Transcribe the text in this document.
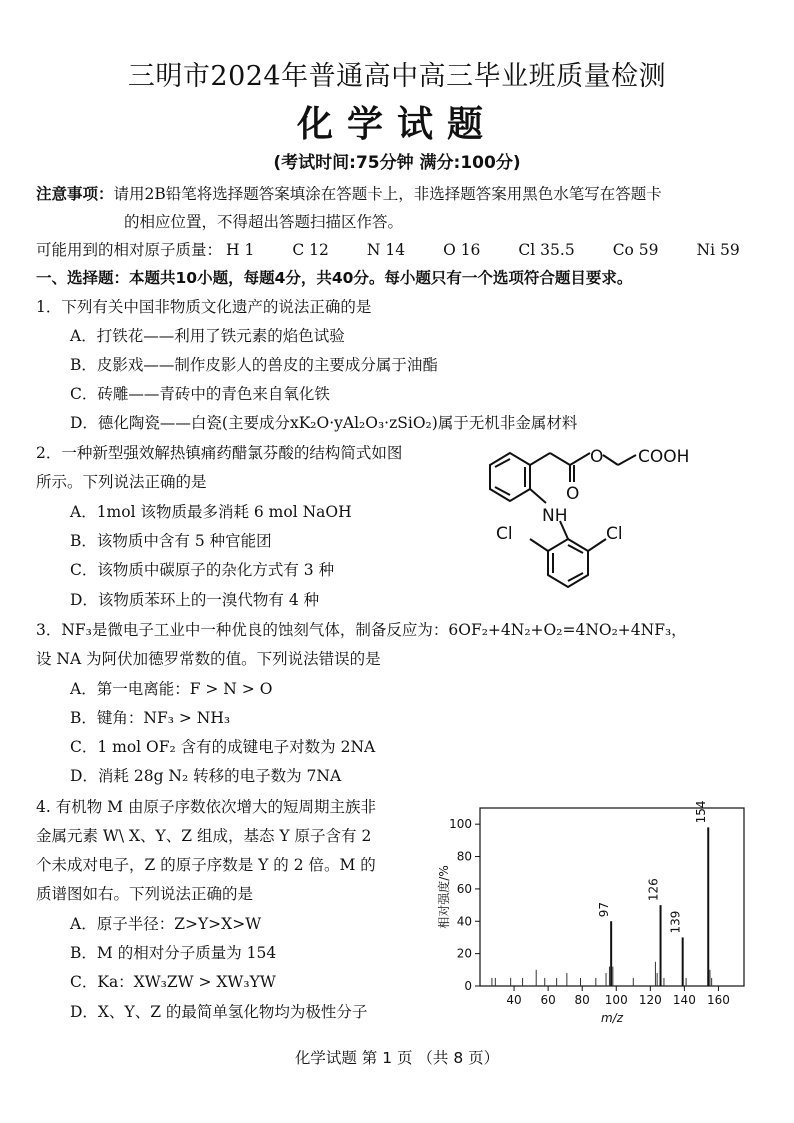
三明市2024年普通高中高三毕业班质量检测
化学试题
(考试时间:75分钟 满分:100分)
注意事项：请用2B铅笔将选择题答案填涂在答题卡上，非选择题答案用黑色水笔写在答题卡
的相应位置，不得超出答题扫描区作答。
可能用到的相对原子质量： H 1 C 12 N 14 O 16 Cl 35.5 Co 59 Ni 59
一、选择题：本题共10小题，每题4分，共40分。每小题只有一个选项符合题目要求。
1．下列有关中国非物质文化遗产的说法正确的是
A．打铁花——利用了铁元素的焰色试验
B．皮影戏——制作皮影人的兽皮的主要成分属于油酯
C．砖雕——青砖中的青色来自氧化铁
D．德化陶瓷——白瓷(主要成分xK₂O·yAl₂O₃·zSiO₂)属于无机非金属材料
2．一种新型强效解热镇痛药醋氯芬酸的结构简式如图
所示。下列说法正确的是
A．1mol 该物质最多消耗 6 mol NaOH
B．该物质中含有 5 种官能团
C．该物质中碳原子的杂化方式有 3 种
D．该物质苯环上的一溴代物有 4 种
O
O
COOH
NH
Cl	Cl
3．NF₃是微电子工业中一种优良的蚀刻气体，制备反应为：6OF₂+4N₂+O₂=4NO₂+4NF₃，
设 NA 为阿伏加德罗常数的值。下列说法错误的是
A．第一电离能：F > N > O
B．键角：NF₃ > NH₃
C．1 mol OF₂ 含有的成键电子对数为 2NA
D．消耗 28g N₂ 转移的电子数为 7NA
4. 有机物 M 由原子序数依次增大的短周期主族非
金属元素 W\ X、Y、Z 组成，基态 Y 原子含有 2
个未成对电子，Z 的原子序数是 Y 的 2 倍。M 的
质谱图如右。下列说法正确的是
A．原子半径：Z>Y>X>W
B．M 的相对分子质量为 154
C．Ka：XW₃ZW > XW₃YW
D．X、Y、Z 的最简单氢化物均为极性分子
0
20
40
60
80
100
40 60 80 100 120 140 160
97
126
139
154
m/z
相对强度/%
化学试题 第 1 页 （共 8 页）
